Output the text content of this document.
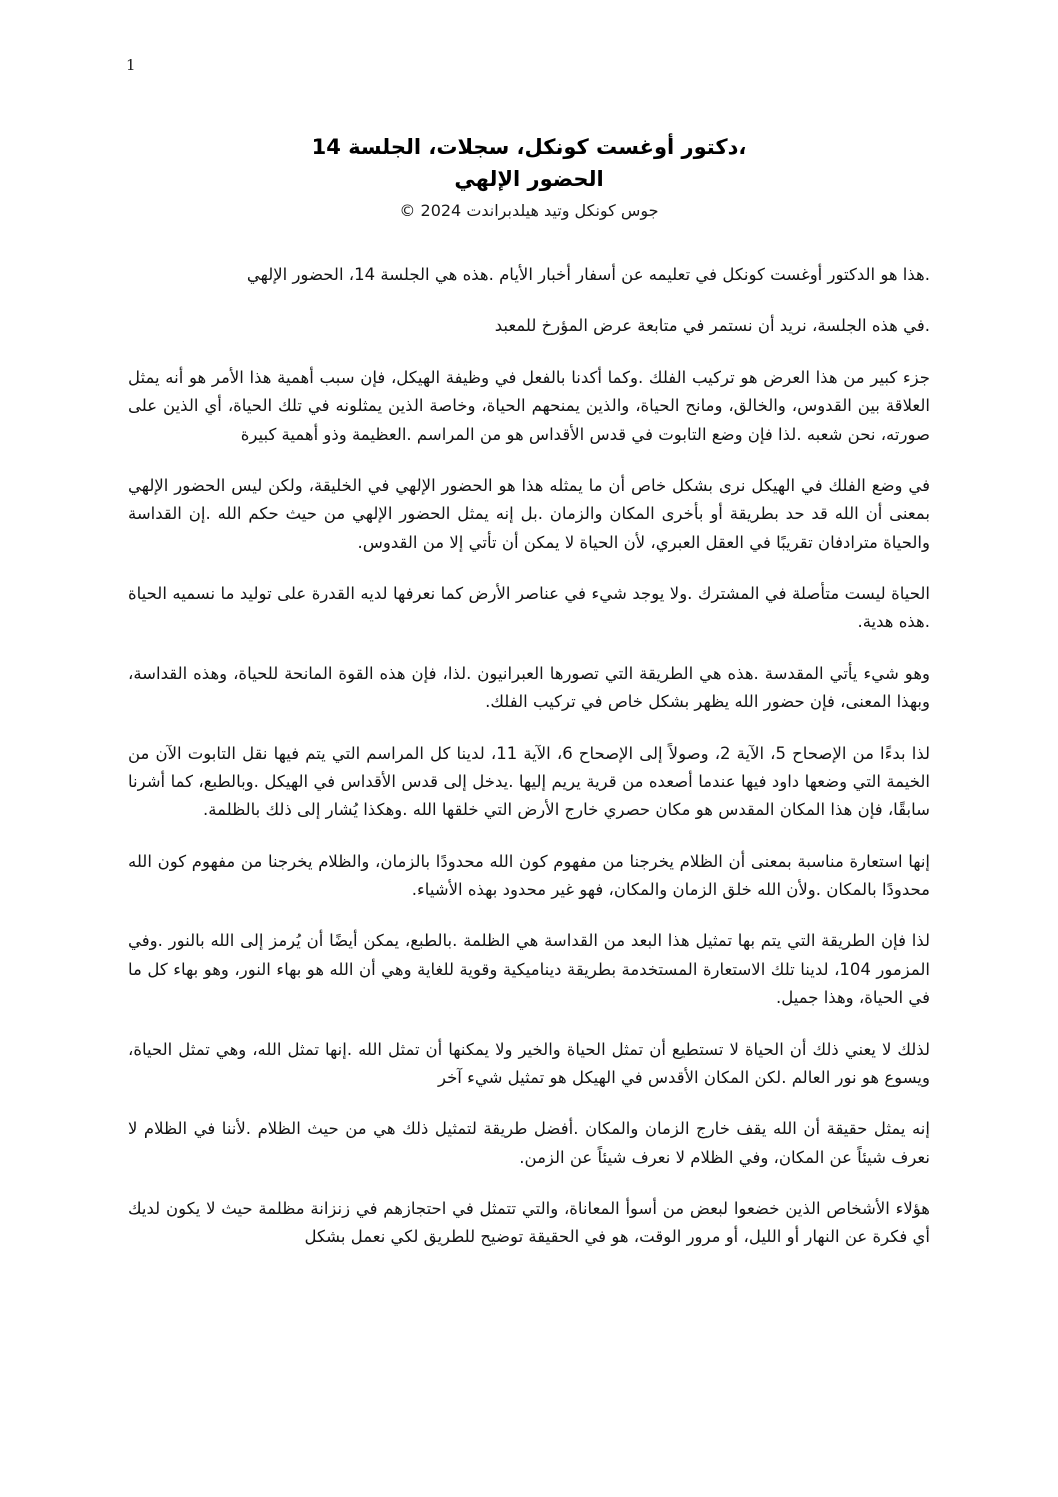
1
،دكتور أوغست كونكل، سجلات، الجلسة 14
الحضور الإلهي
جوس كونكل وتيد هيلدبراندت 2024 ©

.هذا هو الدكتور أوغست كونكل في تعليمه عن أسفار أخبار الأيام .هذه هي الجلسة 14، الحضور الإلهي

.في هذه الجلسة، نريد أن نستمر في متابعة عرض المؤرخ للمعبد

جزء كبير من هذا العرض هو تركيب الفلك .وكما أكدنا بالفعل في وظيفة الهيكل، فإن سبب أهمية هذا الأمر هو أنه يمثل العلاقة بين القدوس، والخالق، ومانح الحياة، والذين يمنحهم الحياة، وخاصة الذين يمثلونه في تلك الحياة، أي الذين على صورته، نحن شعبه .لذا فإن وضع التابوت في قدس الأقداس هو من المراسم .العظيمة وذو أهمية كبيرة

في وضع الفلك في الهيكل نرى بشكل خاص أن ما يمثله هذا هو الحضور الإلهي في الخليقة، ولكن ليس الحضور الإلهي بمعنى أن الله قد حد بطريقة أو بأخرى المكان والزمان .بل إنه يمثل الحضور الإلهي من حيث حكم الله .إن القداسة والحياة مترادفان تقريبًا في العقل العبري، لأن الحياة لا يمكن أن تأتي إلا من القدوس.

الحياة ليست متأصلة في المشترك .ولا يوجد شيء في عناصر الأرض كما نعرفها لديه القدرة على توليد ما نسميه الحياة .هذه هدية.

وهو شيء يأتي المقدسة .هذه هي الطريقة التي تصورها العبرانيون .لذا، فإن هذه القوة المانحة للحياة، وهذه القداسة، وبهذا المعنى، فإن حضور الله يظهر بشكل خاص في تركيب الفلك.

لذا بدءًا من الإصحاح 5، الآية 2، وصولاً إلى الإصحاح 6، الآية 11، لدينا كل المراسم التي يتم فيها نقل التابوت الآن من الخيمة التي وضعها داود فيها عندما أصعده من قرية يريم إليها .يدخل إلى قدس الأقداس في الهيكل .وبالطبع، كما أشرنا سابقًا، فإن هذا المكان المقدس هو مكان حصري خارج الأرض التي خلقها الله .وهكذا يُشار إلى ذلك بالظلمة.

إنها استعارة مناسبة بمعنى أن الظلام يخرجنا من مفهوم كون الله محدودًا بالزمان، والظلام يخرجنا من مفهوم كون الله محدودًا بالمكان .ولأن الله خلق الزمان والمكان، فهو غير محدود بهذه الأشياء.

لذا فإن الطريقة التي يتم بها تمثيل هذا البعد من القداسة هي الظلمة .بالطبع، يمكن أيضًا أن يُرمز إلى الله بالنور .وفي المزمور 104، لدينا تلك الاستعارة المستخدمة بطريقة ديناميكية وقوية للغاية وهي أن الله هو بهاء النور، وهو بهاء كل ما في الحياة، وهذا جميل.

لذلك لا يعني ذلك أن الحياة لا تستطيع أن تمثل الحياة والخير ولا يمكنها أن تمثل الله .إنها تمثل الله، وهي تمثل الحياة، ويسوع هو نور العالم .لكن المكان الأقدس في الهيكل هو تمثيل شيء آخر

إنه يمثل حقيقة أن الله يقف خارج الزمان والمكان .أفضل طريقة لتمثيل ذلك هي من حيث الظلام .لأننا في الظلام لا نعرف شيئاً عن المكان، وفي الظلام لا نعرف شيئاً عن الزمن.

هؤلاء الأشخاص الذين خضعوا لبعض من أسوأ المعاناة، والتي تتمثل في احتجازهم في زنزانة مظلمة حيث لا يكون لديك أي فكرة عن النهار أو الليل، أو مرور الوقت، هو في الحقيقة توضيح للطريق لكي نعمل بشكل
